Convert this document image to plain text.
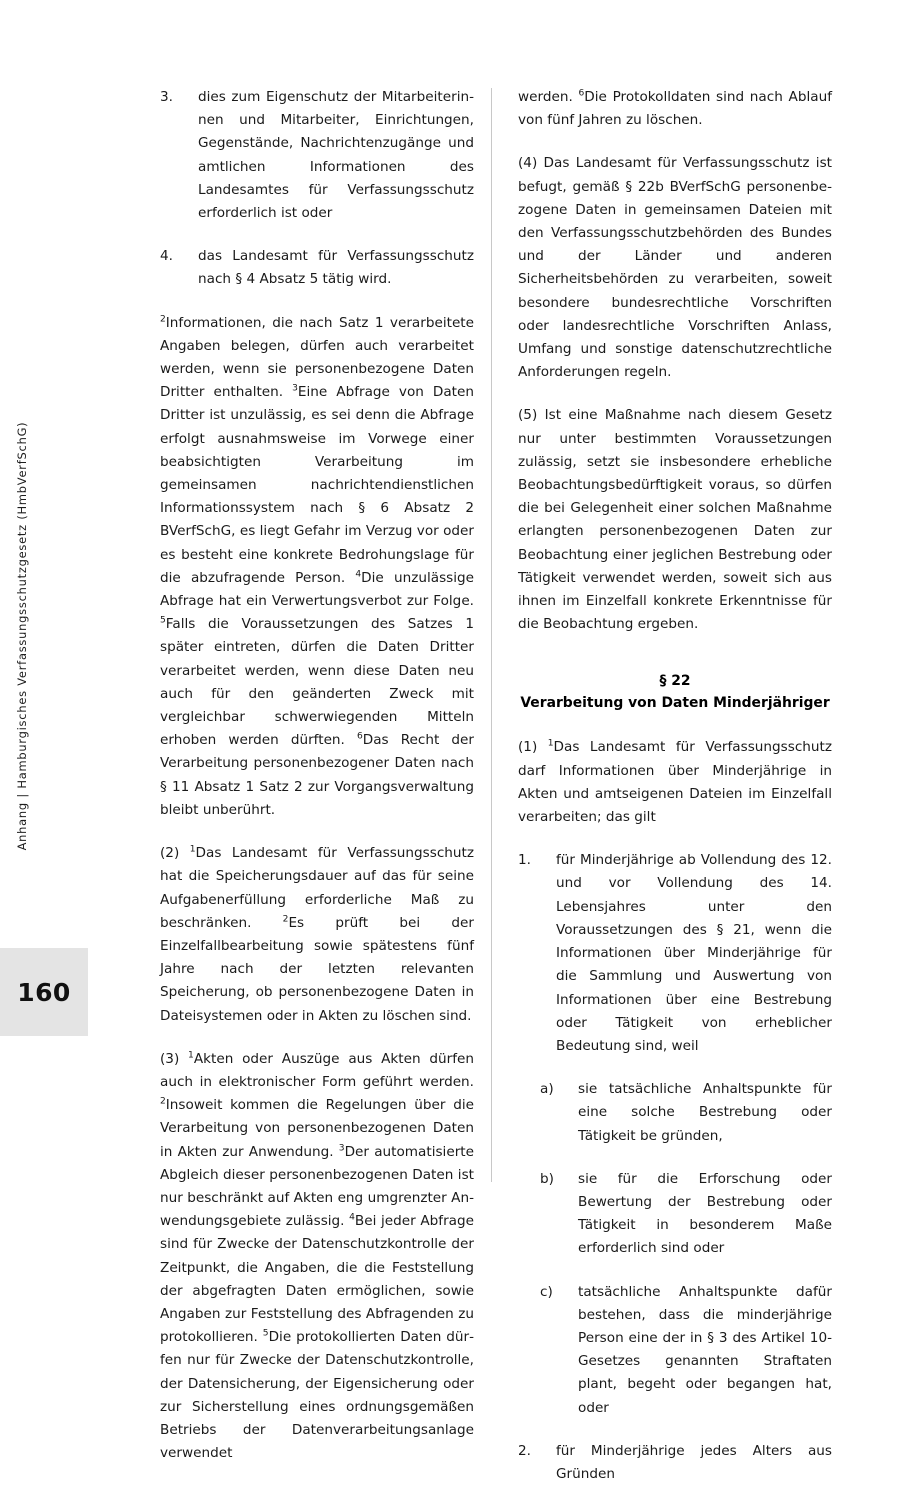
Anhang | Hamburgisches Verfassungsschutzgesetz (HmbVerfSchG)
160
3.	dies zum Eigenschutz der Mitarbeiterinnen und Mitarbeiter, Einrichtungen, Gegenstände, Nachrichtenzugänge und amtlichen Informationen des Landesamtes für Verfassungsschutz erforderlich ist oder
4.	das Landesamt für Verfassungsschutz nach § 4 Absatz 5 tätig wird.

$^2$Informationen, die nach Satz 1 verarbeitete Angaben belegen, dürfen auch verarbeitet werden, wenn sie personenbezogene Daten Dritter enthalten. $^3$Eine Abfrage von Daten Dritter ist unzulässig, es sei denn die Abfrage erfolgt ausnahmsweise im Vorwege einer beabsichtigten Verarbeitung im gemeinsamen nachrichtendienstlichen Informationssystem nach § 6 Absatz 2 BVerfSchG, es liegt Gefahr im Verzug vor oder es besteht eine konkrete Bedrohungslage für die abzufragende Person. $^4$Die unzulässige Abfrage hat ein Verwertungsverbot zur Folge. $^5$Falls die Voraussetzungen des Satzes 1 später eintreten, dürfen die Daten Dritter verarbeitet werden, wenn diese Daten neu auch für den geänderten Zweck mit vergleichbar schwerwiegenden Mitteln erhoben werden dürften. $^6$Das Recht der Verarbeitung personenbezogener Daten nach § 11 Absatz 1 Satz 2 zur Vorgangsverwaltung bleibt unberührt.

(2) $^1$Das Landesamt für Verfassungsschutz hat die Speicherungsdauer auf das für seine Aufgabenerfüllung erforderliche Maß zu beschränken. $^2$Es prüft bei der Einzelfallbearbeitung sowie spätestens fünf Jahre nach der letzten relevanten Speicherung, ob personenbezogene Daten in Dateisystemen oder in Akten zu löschen sind.

(3) $^1$Akten oder Auszüge aus Akten dürfen auch in elektronischer Form geführt werden. $^2$Insoweit kommen die Regelungen über die Verarbeitung von personenbezogenen Daten in Akten zur Anwendung. $^3$Der automatisierte Abgleich dieser personenbezogenen Daten ist nur beschränkt auf Akten eng umgrenzter Anwendungsgebiete zulässig. $^4$Bei jeder Abfrage sind für Zwecke der Datenschutzkontrolle der Zeitpunkt, die Angaben, die die Feststellung der abgefragten Daten ermöglichen, sowie Angaben zur Feststellung des Abfragenden zu protokollieren. $^5$Die protokollierten Daten dürfen nur für Zwecke der Datenschutzkontrolle, der Datensicherung, der Eigensicherung oder zur Sicherstellung eines ordnungsgemäßen Betriebs der Datenverarbeitungsanlage verwendet

werden. $^6$Die Protokolldaten sind nach Ablauf von fünf Jahren zu löschen.

(4) Das Landesamt für Verfassungsschutz ist befugt, gemäß § 22b BVerfSchG personenbezogene Daten in gemeinsamen Dateien mit den Verfassungsschutzbehörden des Bundes und der Länder und anderen Sicherheitsbehörden zu verarbeiten, soweit besondere bundesrechtliche Vorschriften oder landesrechtliche Vorschriften Anlass, Umfang und sonstige datenschutzrechtliche Anforderungen regeln.

(5) Ist eine Maßnahme nach diesem Gesetz nur unter bestimmten Voraussetzungen zulässig, setzt sie insbesondere erhebliche Beobachtungsbedürftigkeit voraus, so dürfen die bei Gelegenheit einer solchen Maßnahme erlangten personenbezogenen Daten zur Beobachtung einer jeglichen Bestrebung oder Tätigkeit verwendet werden, soweit sich aus ihnen im Einzelfall konkrete Erkenntnisse für die Beobachtung ergeben.

§ 22
Verarbeitung von Daten Minderjähriger

(1) $^1$Das Landesamt für Verfassungsschutz darf Informationen über Minderjährige in Akten und amtseigenen Dateien im Einzelfall verarbeiten; das gilt

1.	für Minderjährige ab Vollendung des 12. und vor Vollendung des 14. Lebensjahres unter den Voraussetzungen des § 21, wenn die Informationen über Minderjährige für die Sammlung und Auswertung von Informationen über eine Bestrebung oder Tätigkeit von erheblicher Bedeutung sind, weil
a)	sie tatsächliche Anhaltspunkte für eine solche Bestrebung oder Tätigkeit be gründen,
b)	sie für die Erforschung oder Bewertung der Bestrebung oder Tätigkeit in besonderem Maße erforderlich sind oder
c)	tatsächliche Anhaltspunkte dafür bestehen, dass die minderjährige Person eine der in § 3 des Artikel 10-Gesetzes genannten Straftaten plant, begeht oder begangen hat, oder
2.	für Minderjährige jedes Alters aus Gründen
